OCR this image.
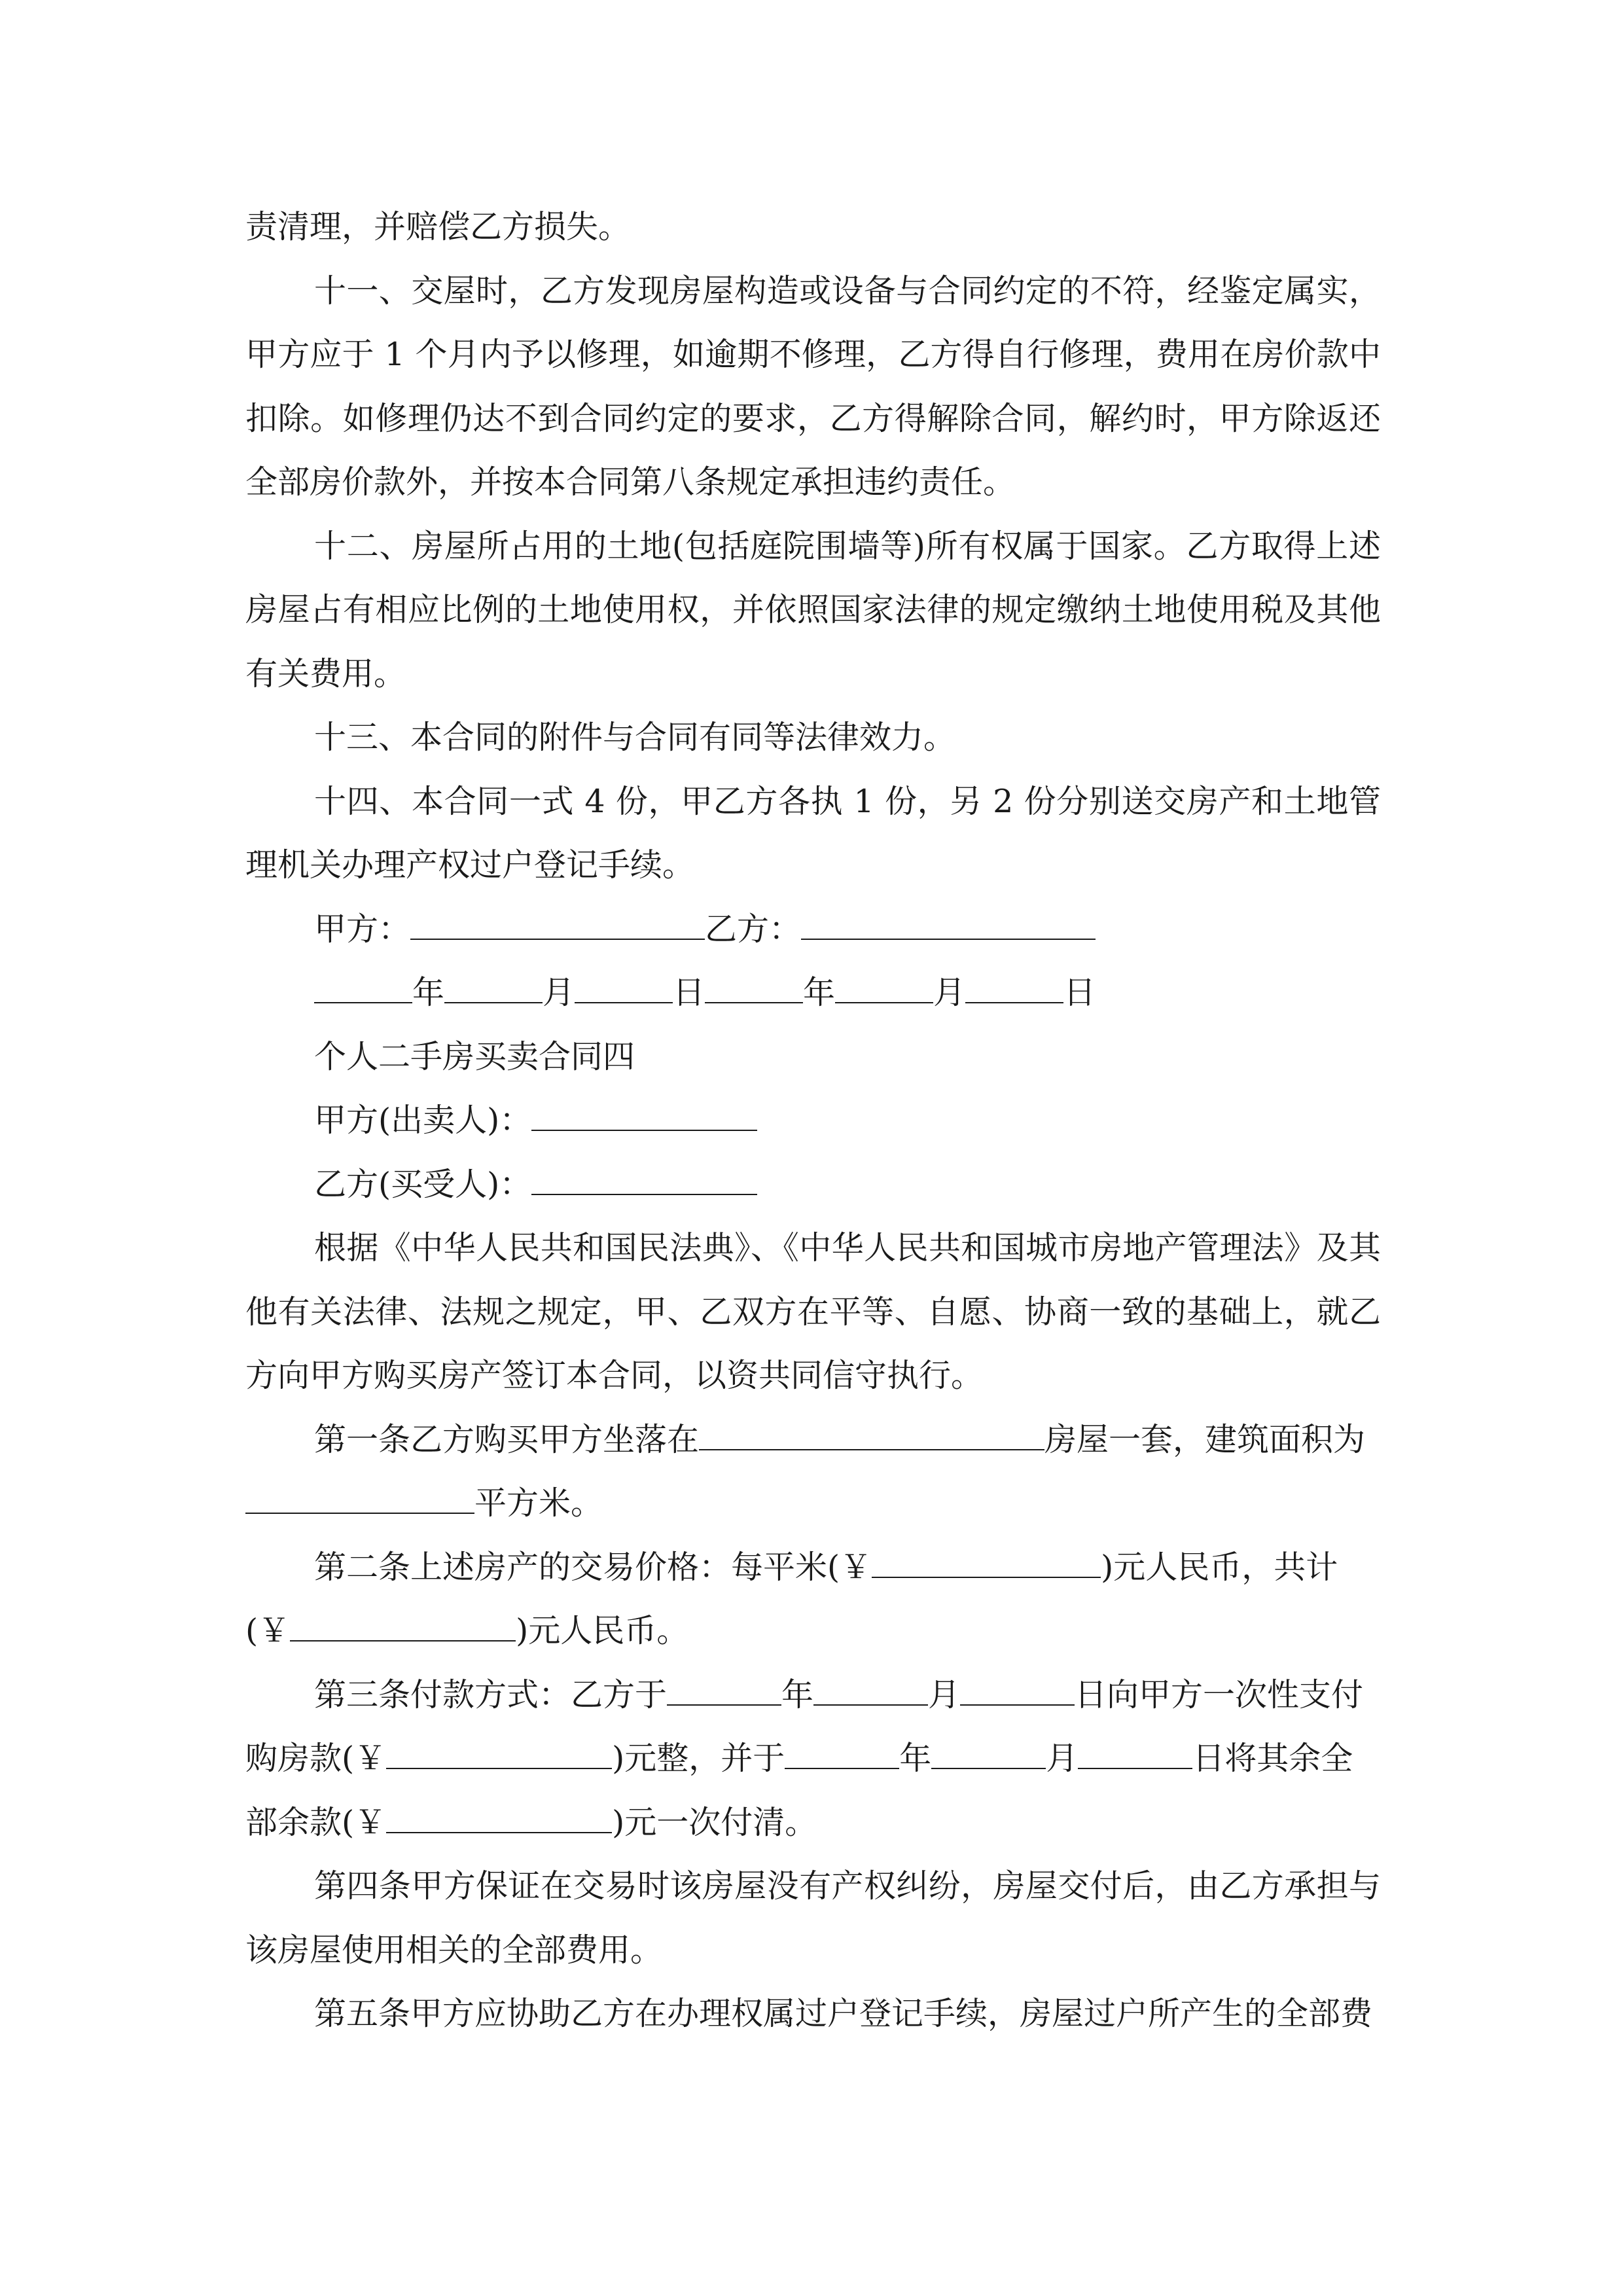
责清理，并赔偿乙方损失。
十一、交屋时，乙方发现房屋构造或设备与合同约定的不符，经鉴定属实，甲方应于 1 个月内予以修理，如逾期不修理，乙方得自行修理，费用在房价款中扣除。如修理仍达不到合同约定的要求，乙方得解除合同，解约时，甲方除返还全部房价款外，并按本合同第八条规定承担违约责任。
十二、房屋所占用的土地(包括庭院围墙等)所有权属于国家。乙方取得上述房屋占有相应比例的土地使用权，并依照国家法律的规定缴纳土地使用税及其他有关费用。
十三、本合同的附件与合同有同等法律效力。
十四、本合同一式 4 份，甲乙方各执 1 份，另 2 份分别送交房产和土地管理机关办理产权过户登记手续。
甲方：	乙方：
年	月	日	年	月	日
个人二手房买卖合同四
甲方(出卖人)：
乙方(买受人)：
根据《中华人民共和国民法典》、《中华人民共和国城市房地产管理法》及其他有关法律、法规之规定，甲、乙双方在平等、自愿、协商一致的基础上，就乙方向甲方购买房产签订本合同，以资共同信守执行。
第一条乙方购买甲方坐落在	房屋一套，建筑面积为
平方米。
第二条上述房产的交易价格：每平米(￥	)元人民币，共计
(￥	)元人民币。
第三条付款方式：乙方于	年	月	日向甲方一次性支付
购房款(￥	)元整，并于	年	月	日将其余全
部余款(￥	)元一次付清。
第四条甲方保证在交易时该房屋没有产权纠纷，房屋交付后，由乙方承担与该房屋使用相关的全部费用。
第五条甲方应协助乙方在办理权属过户登记手续，房屋过户所产生的全部费
